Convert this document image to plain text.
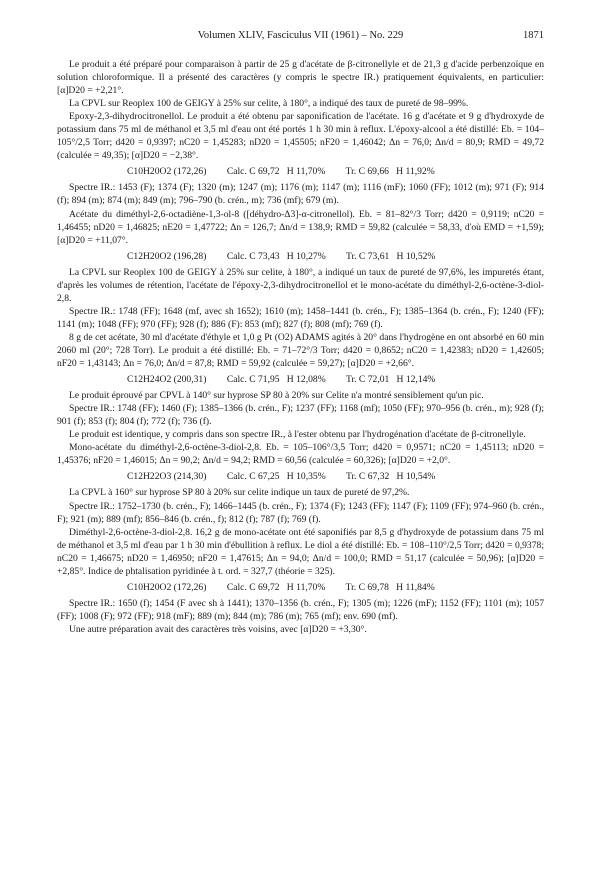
Volumen XLIV, Fasciculus VII (1961) – No. 229	1871

Le produit a été préparé pour comparaison à partir de 25 g d'acétate de β-citronellyle et de 21,3 g d'acide perbenzoïque en solution chloroformique. Il a présenté des caractères (y compris le spectre IR.) pratiquement équivalents, en particulier: [α]D20 = +2,21°.

La CPVL sur Reoplex 100 de GEIGY à 25% sur celite, à 180°, a indiqué des taux de pureté de 98–99%.

Epoxy-2,3-dihydrocitronellol. Le produit a été obtenu par saponification de l'acétate. 16 g d'acétate et 9 g d'hydroxyde de potassium dans 75 ml de méthanol et 3,5 ml d'eau ont été portés 1 h 30 min à reflux. L'époxy-alcool a été distillé: Eb. = 104–105°/2,5 Torr; d420 = 0,9397; nC20 = 1,45283; nD20 = 1,45505; nF20 = 1,46042; Δn = 76,0; Δn/d = 80,9; RMD = 49,72 (calculée = 49,35); [α]D20 = −2,38°.

C10H20O2 (172,26) Calc. C 69,72 H 11,70% Tr. C 69,66 H 11,92%

Spectre IR.: 1453 (F); 1374 (F); 1320 (m); 1247 (m); 1176 (m); 1147 (m); 1116 (mF); 1060 (FF); 1012 (m); 971 (F); 914 (f); 894 (m); 874 (m); 849 (m); 796–790 (b. crén., m); 736 (mf); 679 (m).

Acétate du diméthyl-2,6-octadiène-1,3-ol-8 ([déhydro-Δ3]-α-citronellol). Eb. = 81–82°/3 Torr; d420 = 0,9119; nC20 = 1,46455; nD20 = 1,46825; nE20 = 1,47722; Δn = 126,7; Δn/d = 138,9; RMD = 59,82 (calculée = 58,33, d'où EMD = +1,59); [α]D20 = +11,07°.

C12H20O2 (196,28) Calc. C 73,43 H 10,27% Tr. C 73,61 H 10,52%

La CPVL sur Reoplex 100 de GEIGY à 25% sur celite, à 180°, a indiqué un taux de pureté de 97,6%, les impuretés étant, d'après les volumes de rétention, l'acétate de l'époxy-2,3-dihydrocitronellol et le mono-acétate du diméthyl-2,6-octène-3-diol-2,8.

Spectre IR.: 1748 (FF); 1648 (mf, avec sh 1652); 1610 (m); 1458–1441 (b. crén., F); 1385–1364 (b. crén., F); 1240 (FF); 1141 (m); 1048 (FF); 970 (FF); 928 (f); 886 (F): 853 (mf); 827 (f); 808 (mf); 769 (f).

8 g de cet acétate, 30 ml d'acétate d'éthyle et 1,0 g Pt (O2) ADAMS agités à 20° dans l'hydrogène en ont absorbé en 60 min 2060 ml (20°; 728 Torr). Le produit a été distillé: Eb. = 71–72°/3 Torr; d420 = 0,8652; nC20 = 1,42383; nD20 = 1,42605; nF20 = 1,43143; Δn = 76,0; Δn/d = 87,8; RMD = 59,92 (calculée = 59,27); [α]D20 = +2,66°.

C12H24O2 (200,31) Calc. C 71,95 H 12,08% Tr. C 72,01 H 12,14%

Le produit éprouvé par CPVL à 140° sur hyprose SP 80 à 20% sur Celite n'a montré sensiblement qu'un pic.

Spectre IR.: 1748 (FF); 1460 (F); 1385–1366 (b. crén., F); 1237 (FF); 1168 (mf); 1050 (FF); 970–956 (b. crén., m); 928 (f); 901 (f); 853 (f); 804 (f); 772 (f); 736 (f).

Le produit est identique, y compris dans son spectre IR., à l'ester obtenu par l'hydrogénation d'acétate de β-citronellyle.

Mono-acétate du diméthyl-2,6-octène-3-diol-2,8. Eb. = 105–106°/3,5 Torr; d420 = 0,9571; nC20 = 1,45113; nD20 = 1,45376; nF20 = 1,46015; Δn = 90,2; Δn/d = 94,2; RMD = 60,56 (calculée = 60,326); [α]D20 = +2,0°.

C12H22O3 (214,30) Calc. C 67,25 H 10,35% Tr. C 67,32 H 10,54%

La CPVL à 160° sur hyprose SP 80 à 20% sur celite indique un taux de pureté de 97,2%.

Spectre IR.: 1752–1730 (b. crén., F); 1466–1445 (b. crén., F); 1374 (F); 1243 (FF); 1147 (F); 1109 (FF); 974–960 (b. crén., F); 921 (m); 889 (mf); 856–846 (b. crén., f); 812 (f); 787 (f); 769 (f).

Diméthyl-2,6-octène-3-diol-2,8. 16,2 g de mono-acétate ont été saponifiés par 8,5 g d'hydroxyde de potassium dans 75 ml de méthanol et 3,5 ml d'eau par 1 h 30 min d'ébullition à reflux. Le diol a été distillé: Eb. = 108–110°/2,5 Torr; d420 = 0,9378; nC20 = 1,46675; nD20 = 1,46950; nF20 = 1,47615; Δn = 94,0; Δn/d = 100,0; RMD = 51,17 (calculée = 50,96); [α]D20 = +2,85°. Indice de phtalisation pyridinée à t. ord. = 327,7 (théorie = 325).

C10H20O2 (172,26) Calc. C 69,72 H 11,70% Tr. C 69,78 H 11,84%

Spectre IR.: 1650 (f); 1454 (F avec sh à 1441); 1370–1356 (b. crén., F); 1305 (m); 1226 (mF); 1152 (FF); 1101 (m); 1057 (FF); 1008 (F); 972 (FF); 918 (mF); 889 (m); 844 (m); 786 (m); 765 (mf); env. 690 (mf).

Une autre préparation avait des caractères très voisins, avec [α]D20 = +3,30°.
